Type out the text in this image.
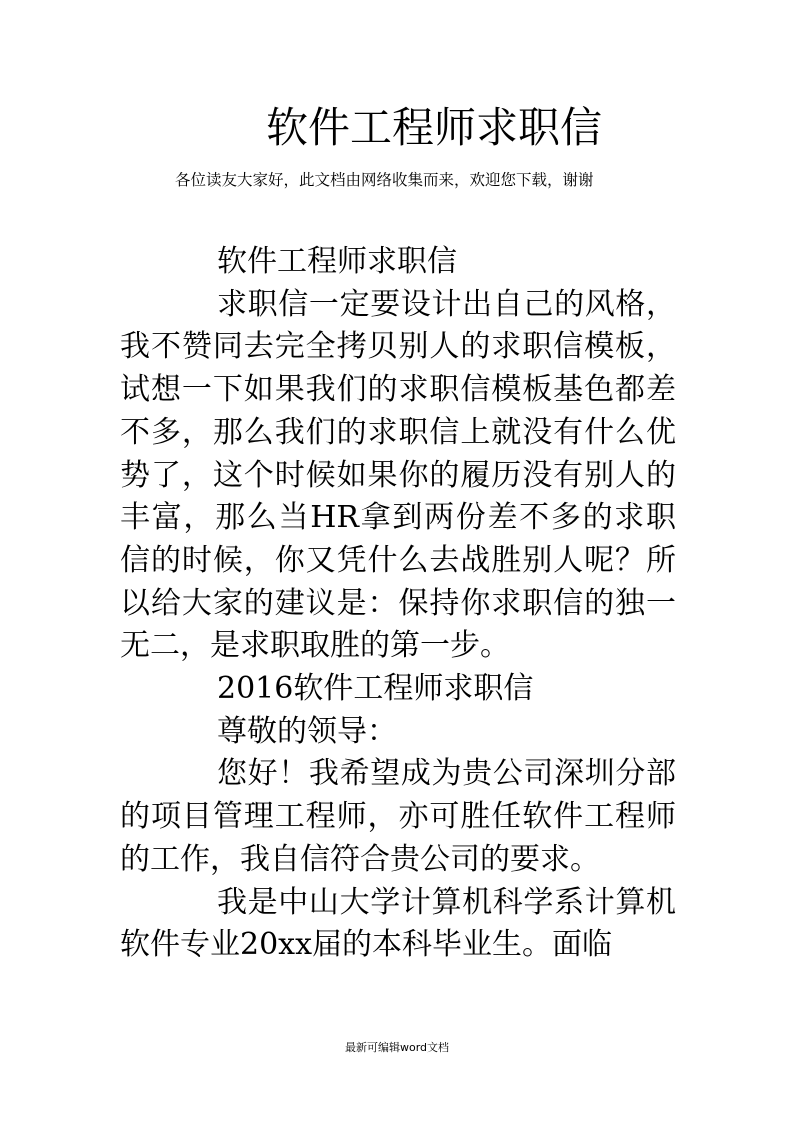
软件工程师求职信
各位读友大家好，此文档由网络收集而来，欢迎您下载，谢谢

软件工程师求职信

求职信一定要设计出自己的风格，我不赞同去完全拷贝别人的求职信模板，试想一下如果我们的求职信模板基色都差不多，那么我们的求职信上就没有什么优势了，这个时候如果你的履历没有别人的丰富，那么当HR拿到两份差不多的求职信的时候，你又凭什么去战胜别人呢？所以给大家的建议是：保持你求职信的独一无二，是求职取胜的第一步。

2016软件工程师求职信

尊敬的领导：

您好！我希望成为贵公司深圳分部的项目管理工程师，亦可胜任软件工程师的工作，我自信符合贵公司的要求。

我是中山大学计算机科学系计算机软件专业20xx届的本科毕业生。面临

最新可编辑word文档
